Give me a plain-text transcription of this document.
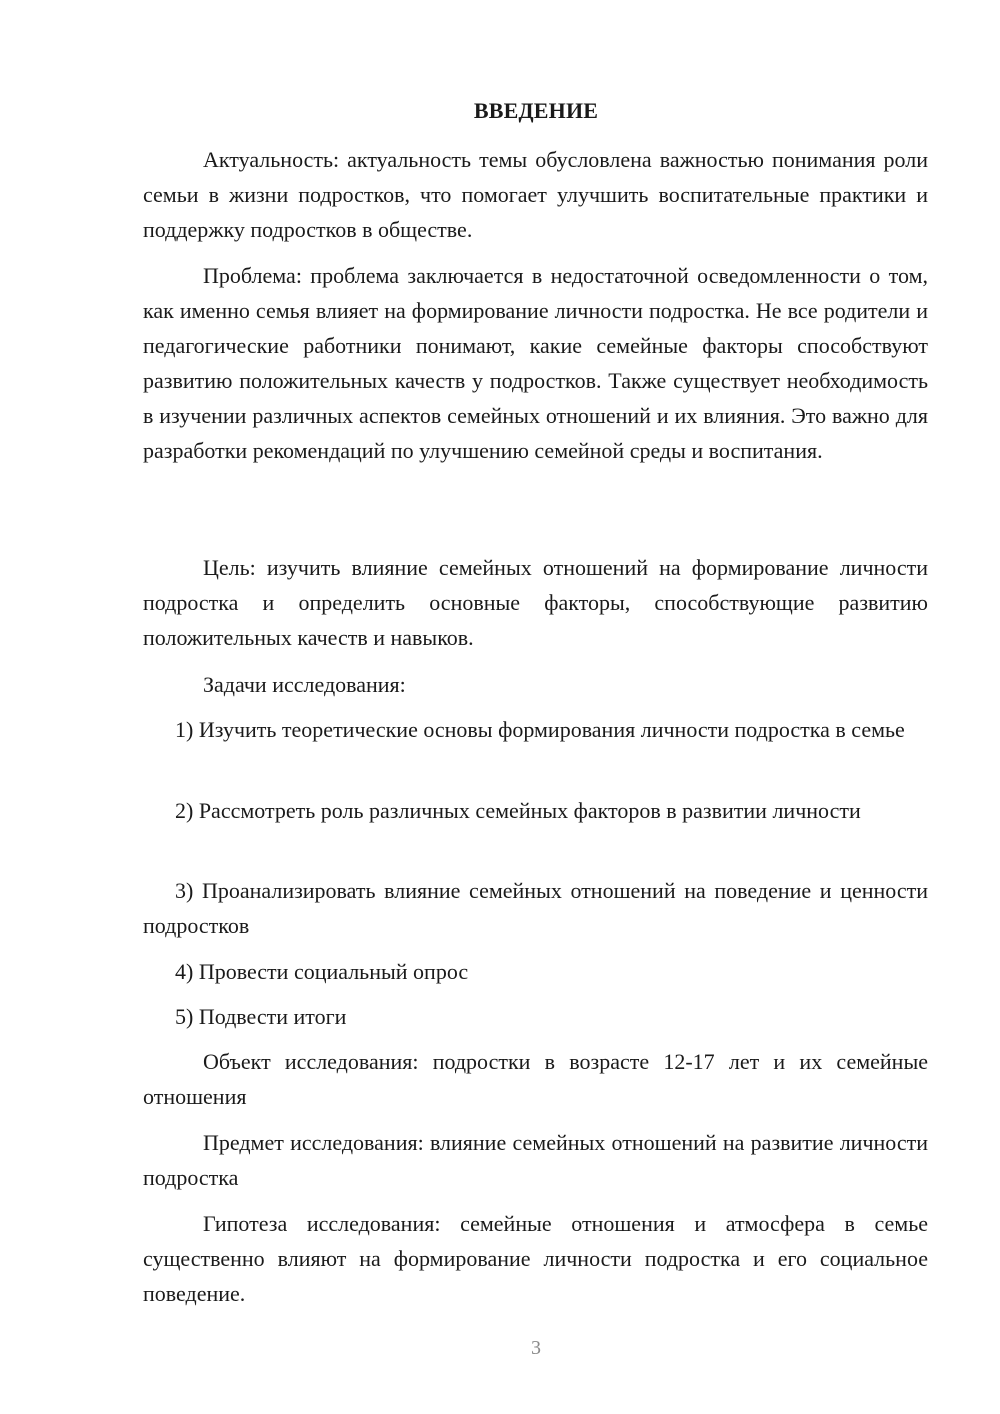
ВВЕДЕНИЕ

Актуальность: актуальность темы обусловлена важностью понимания роли семьи в жизни подростков, что помогает улучшить воспитательные практики и поддержку подростков в обществе.

Проблема: проблема заключается в недостаточной осведомленности о том, как именно семья влияет на формирование личности подростка. Не все родители и педагогические работники понимают, какие семейные факторы способствуют развитию положительных качеств у подростков. Также существует необходимость в изучении различных аспектов семейных отношений и их влияния. Это важно для разработки рекомендаций по улучшению семейной среды и воспитания.

Цель: изучить влияние семейных отношений на формирование личности подростка и определить основные факторы, способствующие развитию положительных качеств и навыков.

Задачи исследования:

1) Изучить теоретические основы формирования личности подростка в семье

2) Рассмотреть роль различных семейных факторов в развитии личности

3) Проанализировать влияние семейных отношений на поведение и ценности подростков

4) Провести социальный опрос

5) Подвести итоги

Объект исследования: подростки в возрасте 12-17 лет и их семейные отношения

Предмет исследования: влияние семейных отношений на развитие личности подростка

Гипотеза исследования: семейные отношения и атмосфера в семье существенно влияют на формирование личности подростка и его социальное поведение.

3
